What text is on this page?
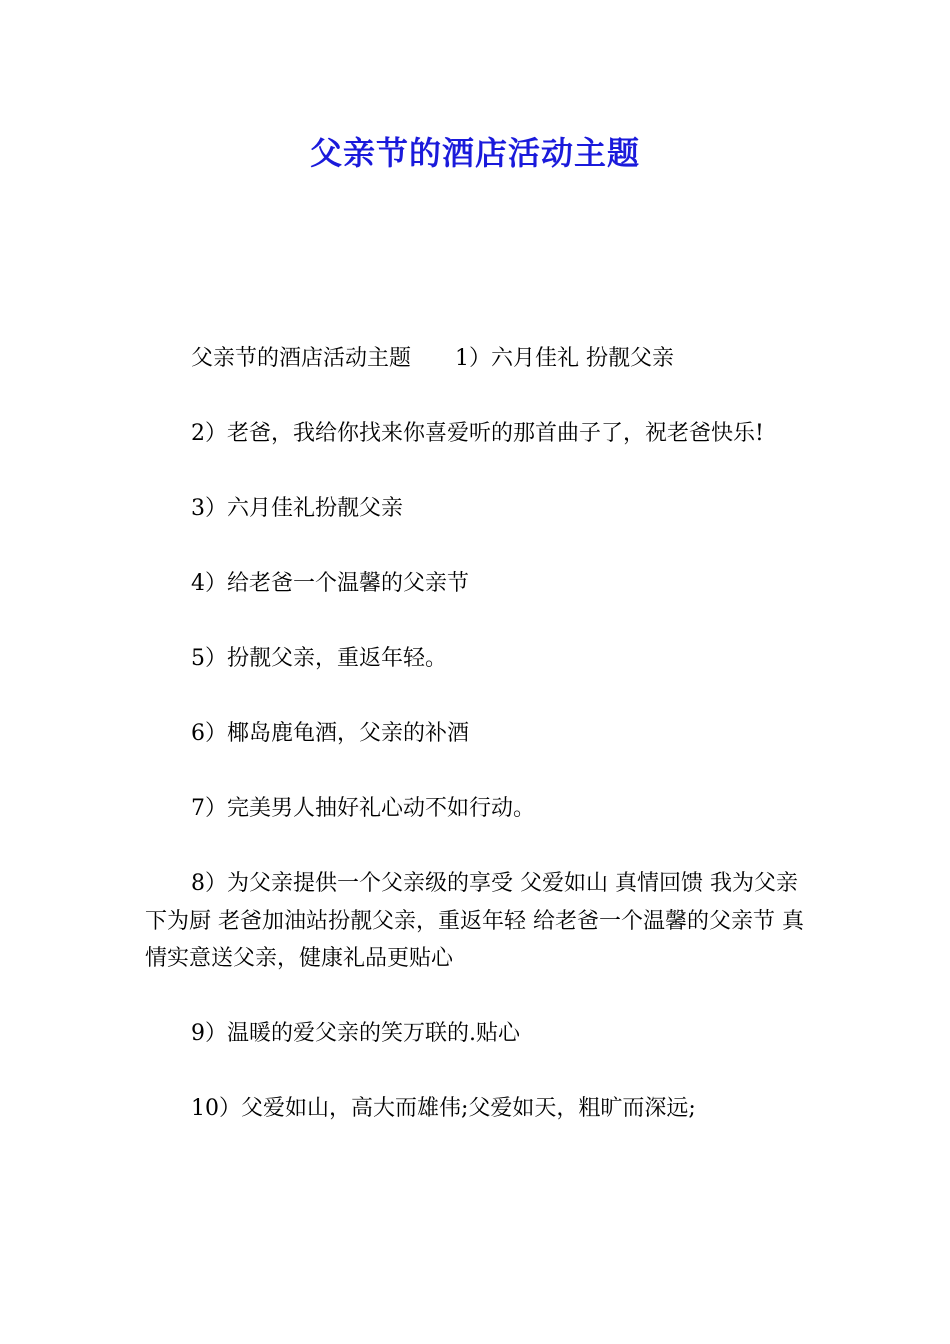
父亲节的酒店活动主题

父亲节的酒店活动主题　　1）六月佳礼 扮靓父亲

2）老爸，我给你找来你喜爱听的那首曲子了，祝老爸快乐!

3）六月佳礼扮靓父亲

4）给老爸一个温馨的父亲节

5）扮靓父亲，重返年轻。

6）椰岛鹿龟酒，父亲的补酒

7）完美男人抽好礼心动不如行动。

8）为父亲提供一个父亲级的享受 父爱如山 真情回馈 我为父亲下为厨 老爸加油站扮靓父亲，重返年轻 给老爸一个温馨的父亲节 真情实意送父亲，健康礼品更贴心

9）温暖的爱父亲的笑万联的.贴心

10）父爱如山，高大而雄伟;父爱如天，粗旷而深远;
